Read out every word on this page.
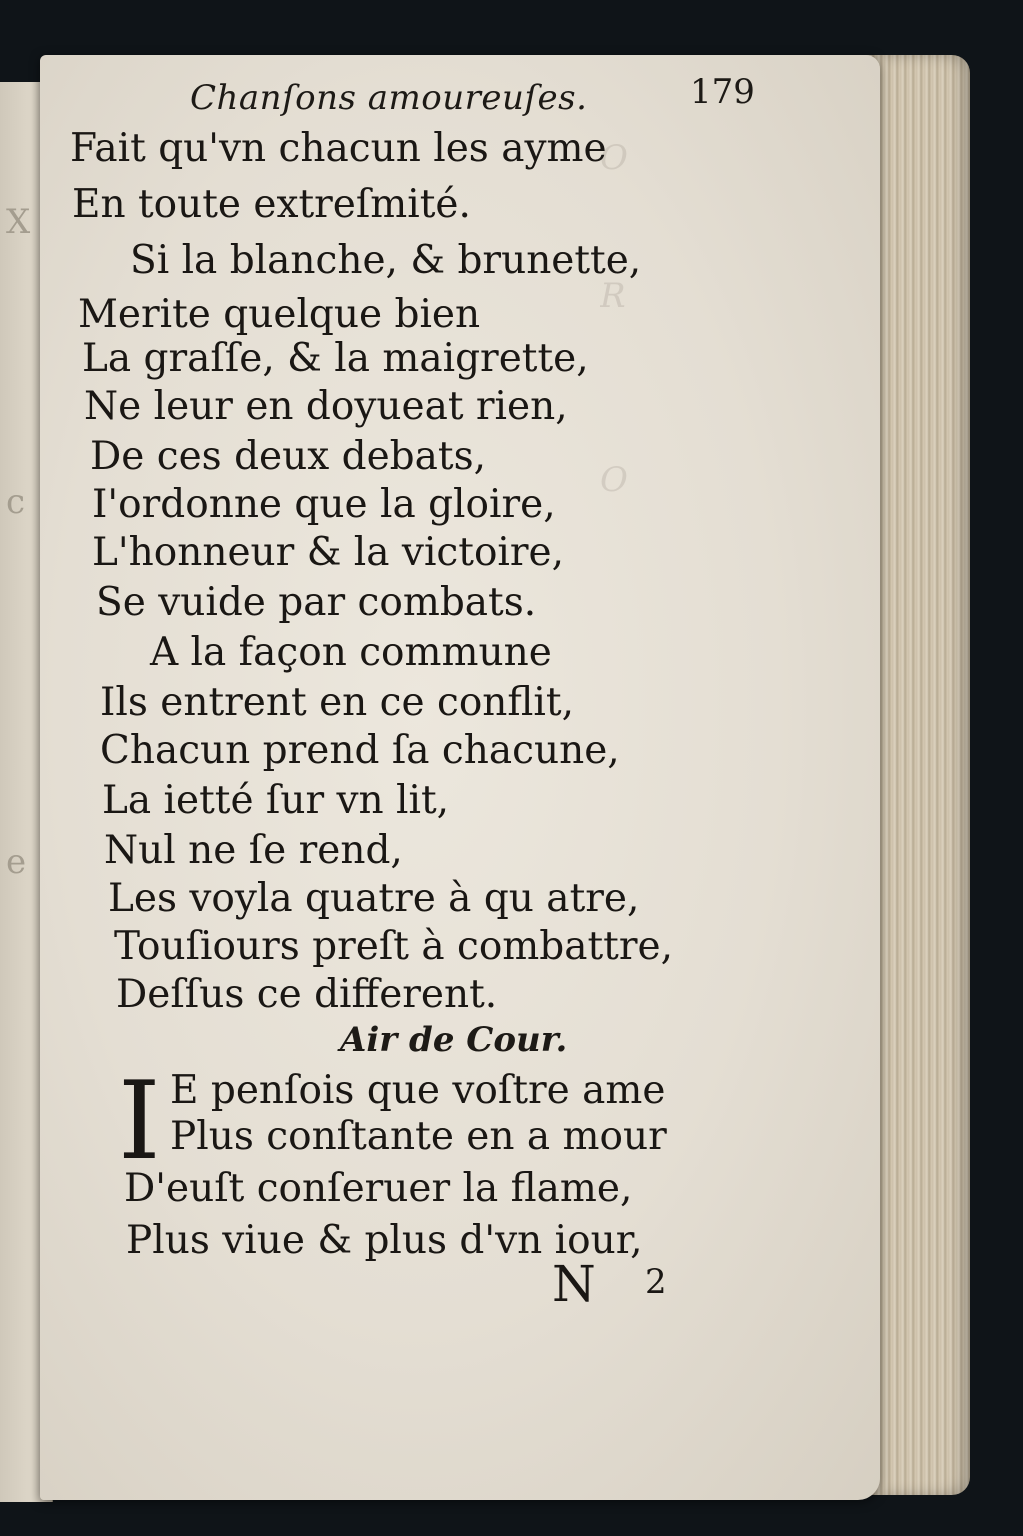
X
c
e
O

R

O
Chanſons amoureuſes.	179
Fait qu'vn chacun les ayme
En toute extreſmité.
Si la blanche, & brunette,
Merite quelque bien
La graſſe, & la maigrette,
Ne leur en doyueat rien,
De ces deux debats,
I'ordonne que la gloire,
L'honneur & la victoire,
Se vuide par combats.
A la façon commune
Ils entrent en ce conflit,
Chacun prend ſa chacune,
La ietté ſur vn lit,
Nul ne ſe rend,
Les voyla quatre à qu atre,
Touſiours preſt à combattre,
Deſſus ce different.
Air de Cour.
I E penſois que voſtre ame
Plus conſtante en a mour
D'euſt conſeruer la flame,
Plus viue & plus d'vn iour,
N 2
